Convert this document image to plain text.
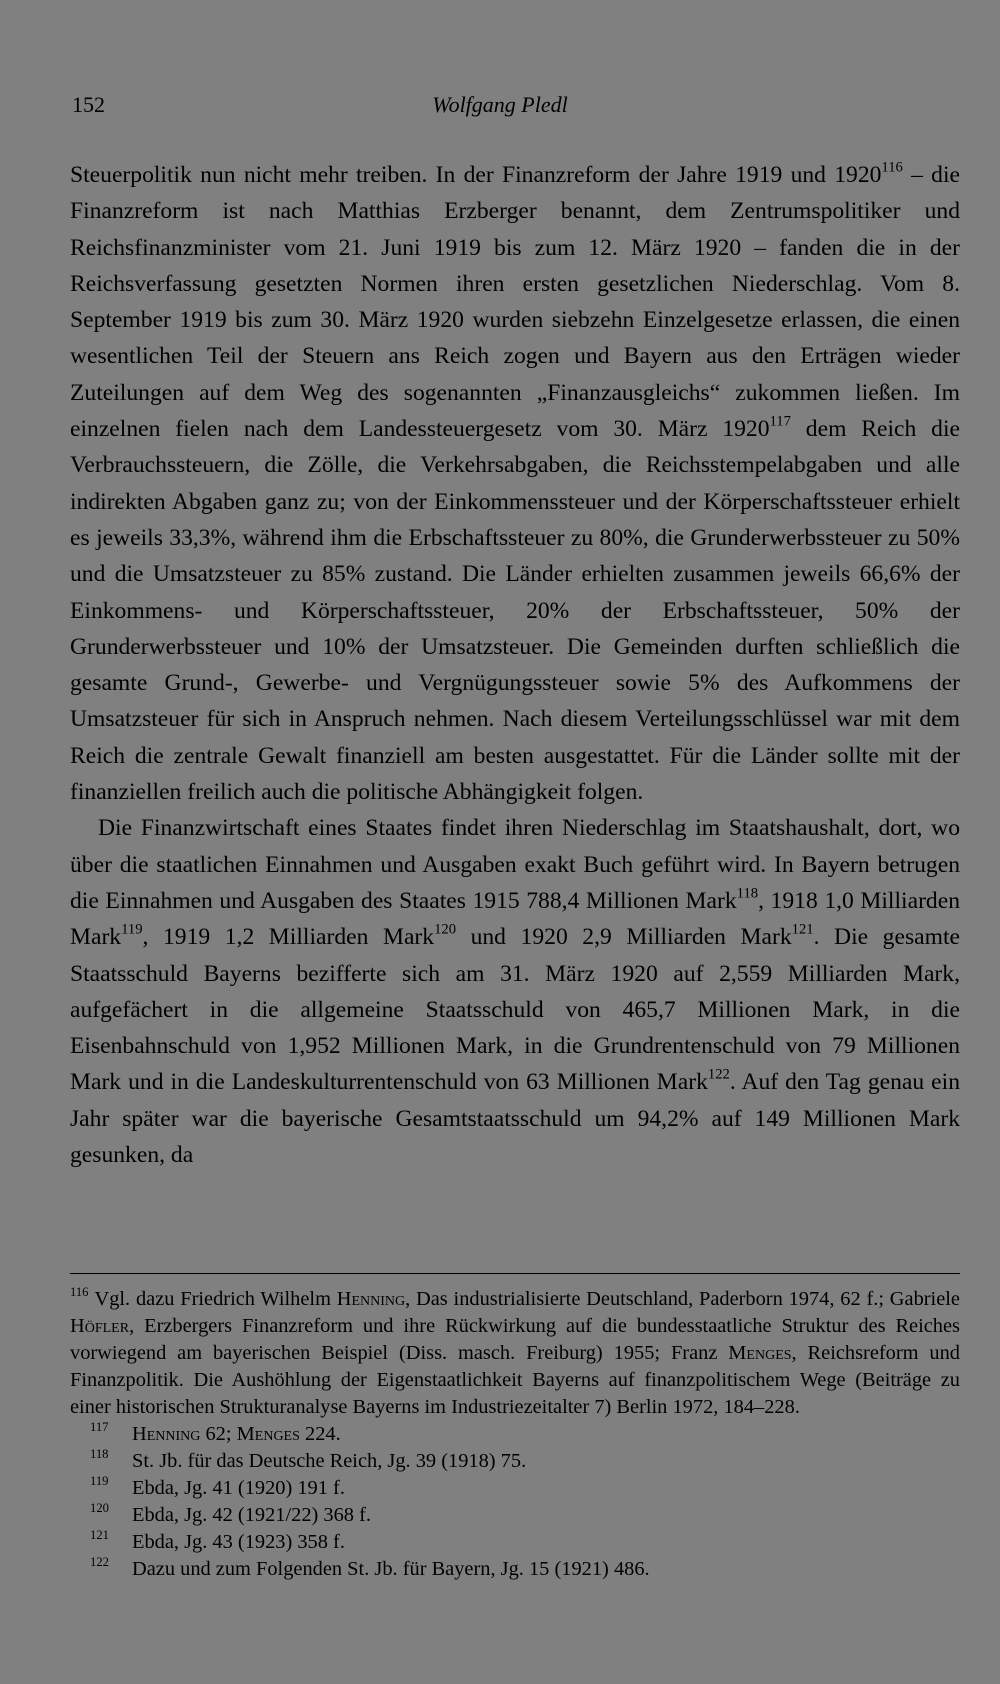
152	Wolfgang Pledl

Steuerpolitik nun nicht mehr treiben. In der Finanzreform der Jahre 1919 und 1920$^{116}$ – die Finanzreform ist nach Matthias Erzberger benannt, dem Zentrumspolitiker und Reichsfinanzminister vom 21. Juni 1919 bis zum 12. März 1920 – fanden die in der Reichsverfassung gesetzten Normen ihren ersten gesetzlichen Niederschlag. Vom 8. September 1919 bis zum 30. März 1920 wurden siebzehn Einzelgesetze erlassen, die einen wesentlichen Teil der Steuern ans Reich zogen und Bayern aus den Erträgen wieder Zuteilungen auf dem Weg des sogenannten „Finanzausgleichs“ zukommen ließen. Im einzelnen fielen nach dem Landessteuergesetz vom 30. März 1920$^{117}$ dem Reich die Verbrauchssteuern, die Zölle, die Verkehrsabgaben, die Reichsstempelabgaben und alle indirekten Abgaben ganz zu; von der Einkommenssteuer und der Körperschaftssteuer erhielt es jeweils 33,3%, während ihm die Erbschaftssteuer zu 80%, die Grunderwerbssteuer zu 50% und die Umsatzsteuer zu 85% zustand. Die Länder erhielten zusammen jeweils 66,6% der Einkommens- und Körperschaftssteuer, 20% der Erbschaftssteuer, 50% der Grunderwerbssteuer und 10% der Umsatzsteuer. Die Gemeinden durften schließlich die gesamte Grund-, Gewerbe- und Vergnügungssteuer sowie 5% des Aufkommens der Umsatzsteuer für sich in Anspruch nehmen. Nach diesem Verteilungsschlüssel war mit dem Reich die zentrale Gewalt finanziell am besten ausgestattet. Für die Länder sollte mit der finanziellen freilich auch die politische Abhängigkeit folgen.

Die Finanzwirtschaft eines Staates findet ihren Niederschlag im Staatshaushalt, dort, wo über die staatlichen Einnahmen und Ausgaben exakt Buch geführt wird. In Bayern betrugen die Einnahmen und Ausgaben des Staates 1915 788,4 Millionen Mark$^{118}$, 1918 1,0 Milliarden Mark$^{119}$, 1919 1,2 Milliarden Mark$^{120}$ und 1920 2,9 Milliarden Mark$^{121}$. Die gesamte Staatsschuld Bayerns bezifferte sich am 31. März 1920 auf 2,559 Milliarden Mark, aufgefächert in die allgemeine Staatsschuld von 465,7 Millionen Mark, in die Eisenbahnschuld von 1,952 Millionen Mark, in die Grundrentenschuld von 79 Millionen Mark und in die Landeskulturrentenschuld von 63 Millionen Mark$^{122}$. Auf den Tag genau ein Jahr später war die bayerische Gesamtstaatsschuld um 94,2% auf 149 Millionen Mark gesunken, da

$^{116}$ Vgl. dazu Friedrich Wilhelm Henning, Das industrialisierte Deutschland, Paderborn 1974, 62 f.; Gabriele Höfler, Erzbergers Finanzreform und ihre Rückwirkung auf die bundesstaatliche Struktur des Reiches vorwiegend am bayerischen Beispiel (Diss. masch. Freiburg) 1955; Franz Menges, Reichsreform und Finanzpolitik. Die Aushöhlung der Eigenstaatlichkeit Bayerns auf finanzpolitischem Wege (Beiträge zu einer historischen Strukturanalyse Bayerns im Industriezeitalter 7) Berlin 1972, 184–228.

117 Henning 62; Menges 224.

118 St. Jb. für das Deutsche Reich, Jg. 39 (1918) 75.

119 Ebda, Jg. 41 (1920) 191 f.

120 Ebda, Jg. 42 (1921/22) 368 f.

121 Ebda, Jg. 43 (1923) 358 f.

122 Dazu und zum Folgenden St. Jb. für Bayern, Jg. 15 (1921) 486.
